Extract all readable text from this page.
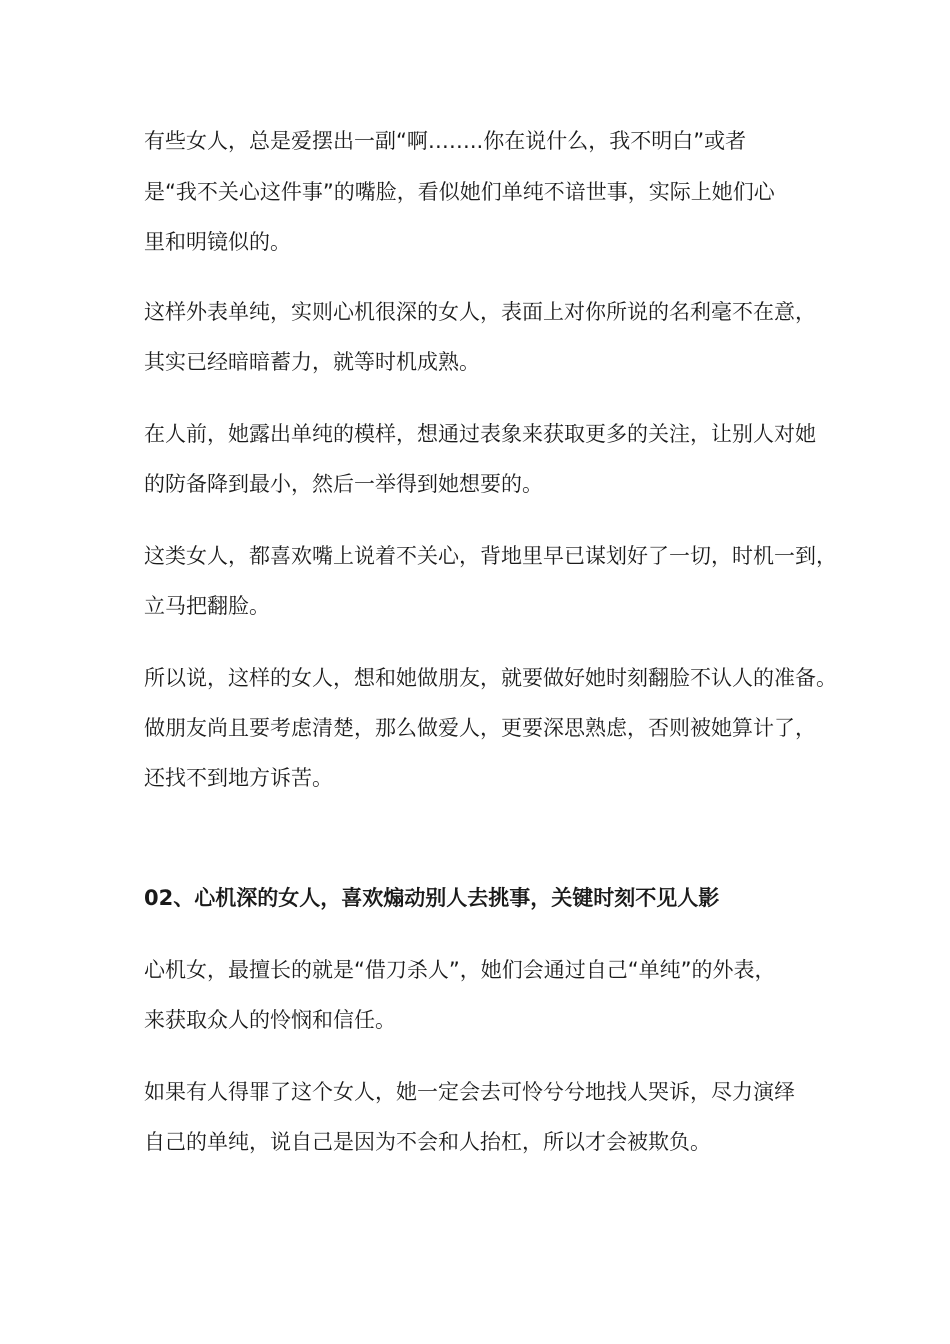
有些女人，总是爱摆出一副“啊……..你在说什么，我不明白”或者
是“我不关心这件事”的嘴脸，看似她们单纯不谙世事，实际上她们心
里和明镜似的。
这样外表单纯，实则心机很深的女人，表面上对你所说的名利毫不在意，
其实已经暗暗蓄力，就等时机成熟。
在人前，她露出单纯的模样，想通过表象来获取更多的关注，让别人对她
的防备降到最小，然后一举得到她想要的。
这类女人，都喜欢嘴上说着不关心，背地里早已谋划好了一切，时机一到，
立马把翻脸。
所以说，这样的女人，想和她做朋友，就要做好她时刻翻脸不认人的准备。
做朋友尚且要考虑清楚，那么做爱人，更要深思熟虑，否则被她算计了，
还找不到地方诉苦。
02、心机深的女人，喜欢煽动别人去挑事，关键时刻不见人影
心机女，最擅长的就是“借刀杀人”，她们会通过自己“单纯”的外表，
来获取众人的怜悯和信任。
如果有人得罪了这个女人，她一定会去可怜兮兮地找人哭诉，尽力演绎
自己的单纯，说自己是因为不会和人抬杠，所以才会被欺负。
